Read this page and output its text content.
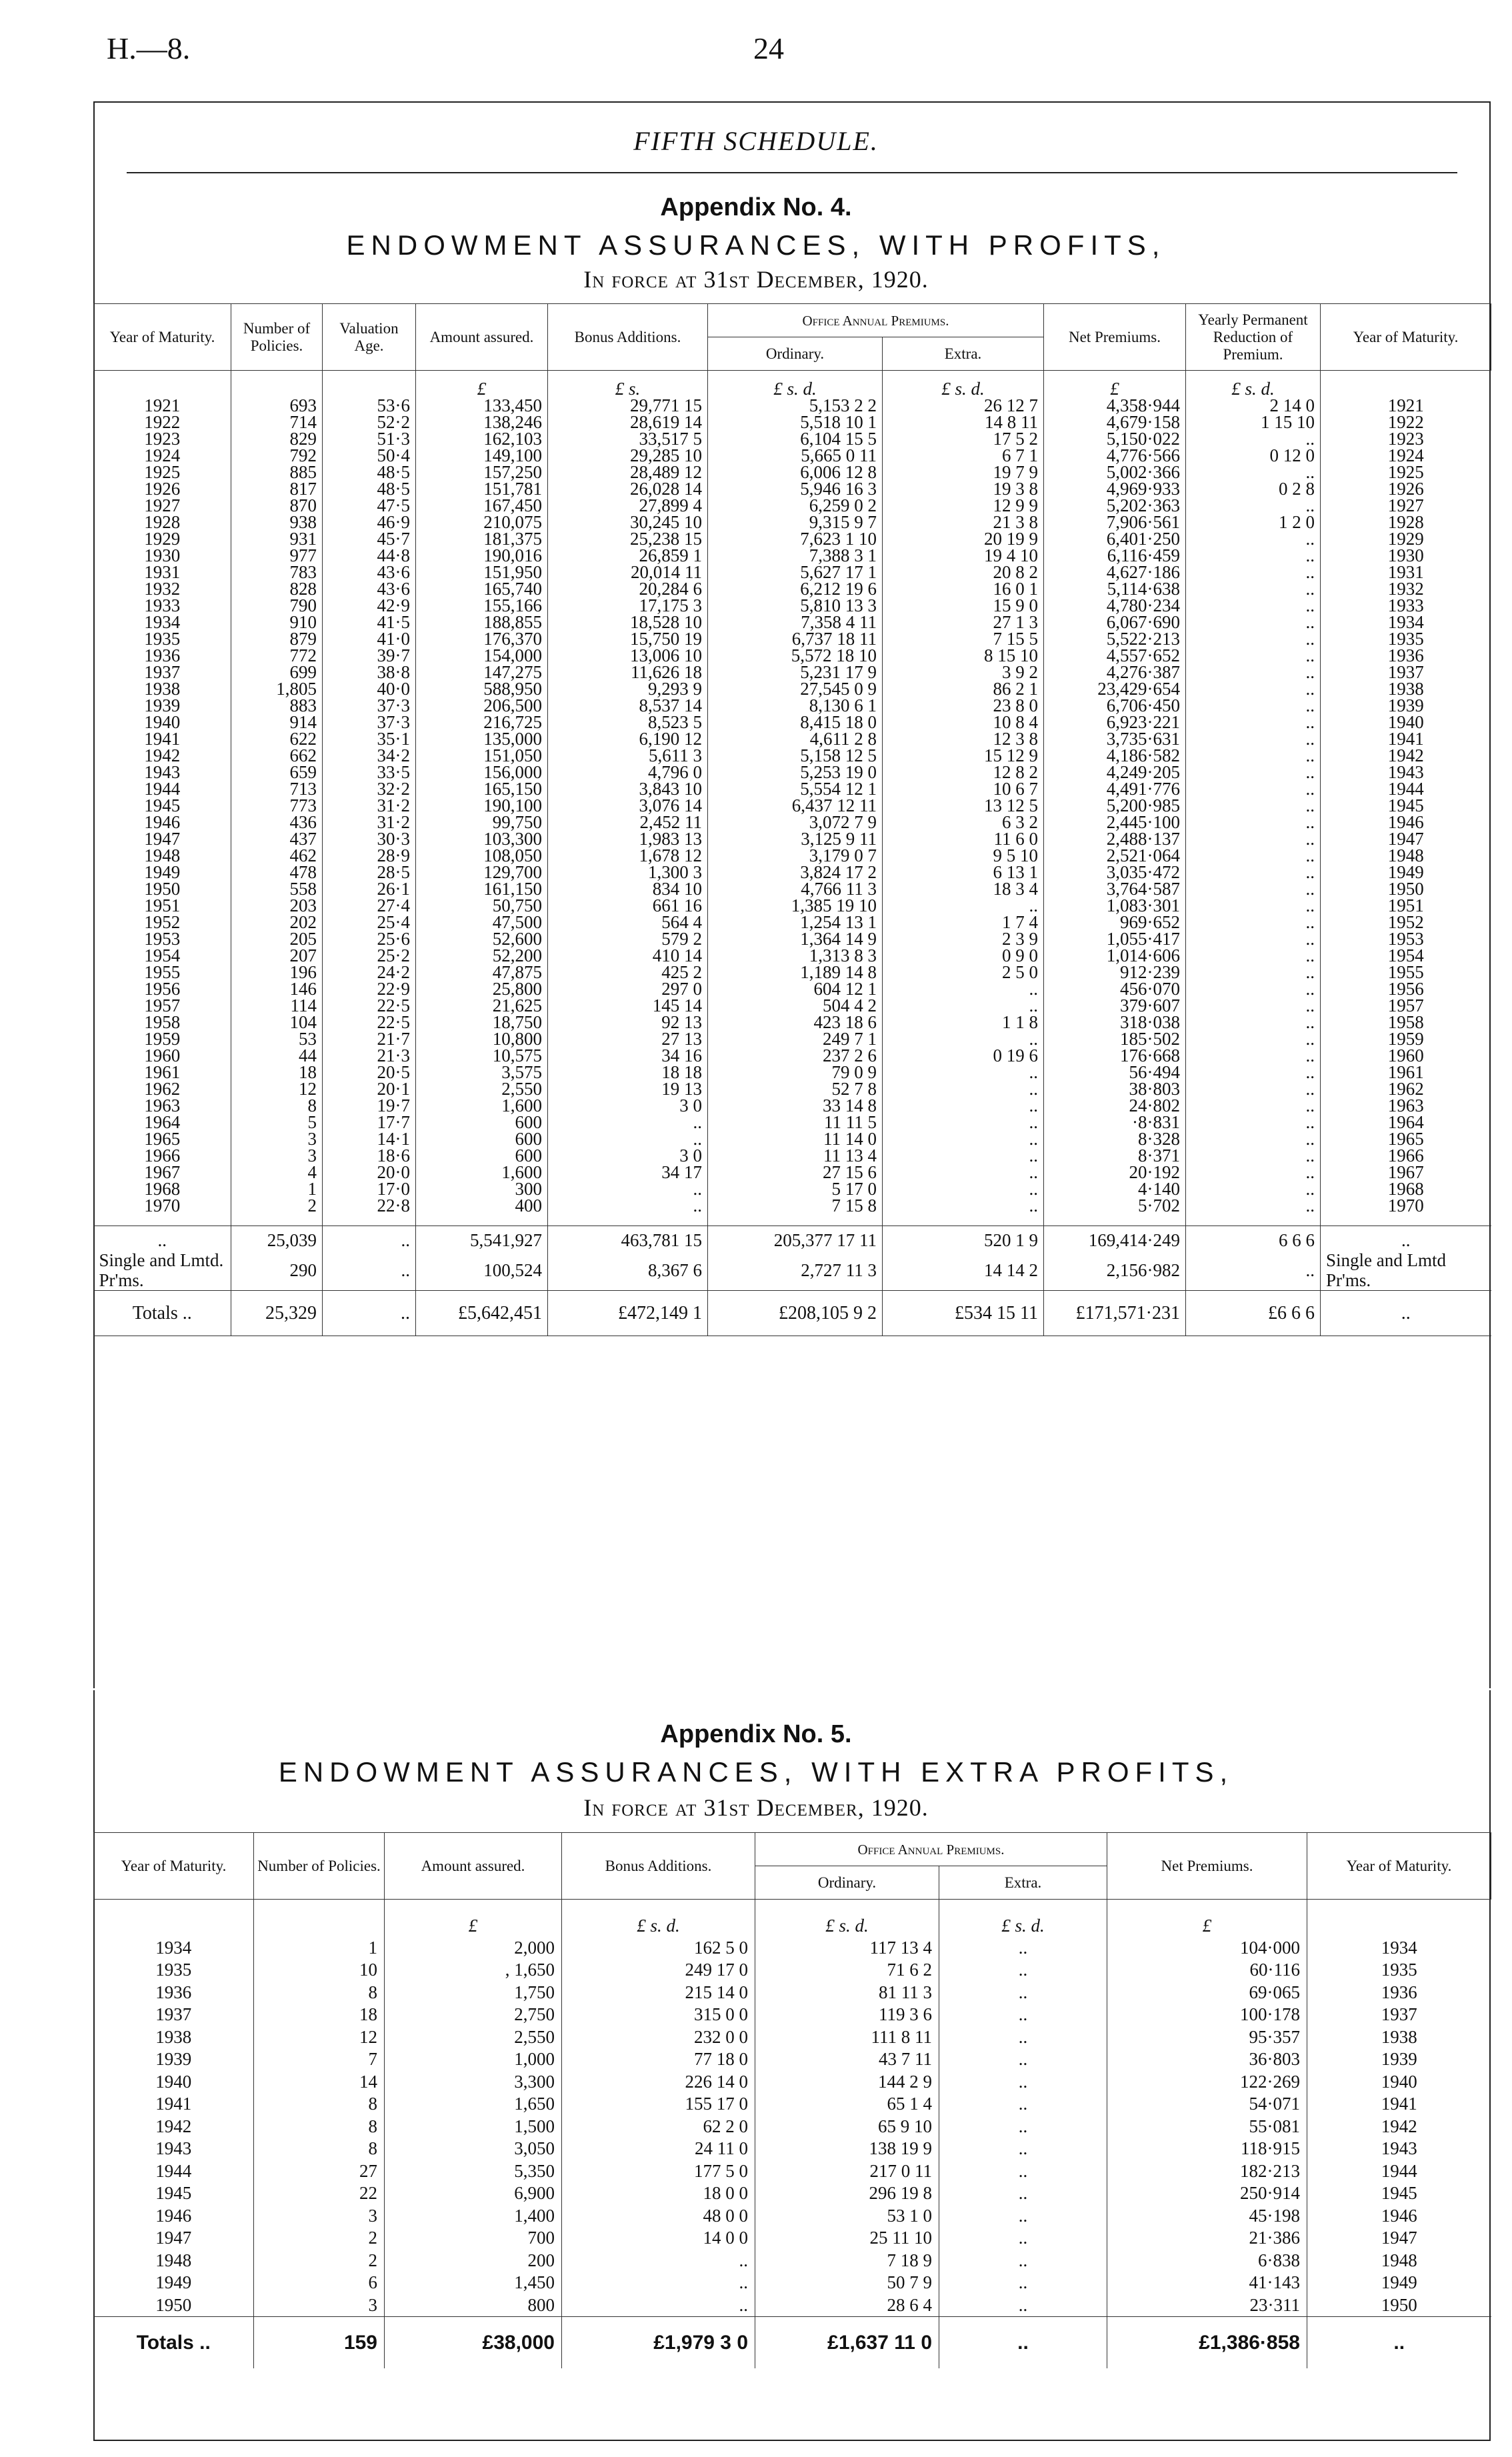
H.—8.	24
FIFTH SCHEDULE.
Appendix No. 4.
ENDOWMENT ASSURANCES, WITH PROFITS,
In force at 31st December, 1920.
Year of Maturity.	Number of Policies.	Valuation Age.	Amount assured.	Bonus Additions.	Office Annual Premiums.		Net Premiums.	Yearly Permanent Reduction of Premium.	Year of Maturity.
					Ordinary.	Extra.			
			£	£ s.	£ s. d.	£ s. d.	£	£ s. d.	
1921	693	53·6	133,450	29,771 15	5,153 2 2	26 12 7	4,358·944	2 14 0	1921
1922	714	52·2	138,246	28,619 14	5,518 10 1	14 8 11	4,679·158	1 15 10	1922
1923	829	51·3	162,103	33,517 5	6,104 15 5	17 5 2	5,150·022	..	1923
1924	792	50·4	149,100	29,285 10	5,665 0 11	6 7 1	4,776·566	0 12 0	1924
1925	885	48·5	157,250	28,489 12	6,006 12 8	19 7 9	5,002·366	..	1925
1926	817	48·5	151,781	26,028 14	5,946 16 3	19 3 8	4,969·933	0 2 8	1926
1927	870	47·5	167,450	27,899 4	6,259 0 2	12 9 9	5,202·363	..	1927
1928	938	46·9	210,075	30,245 10	9,315 9 7	21 3 8	7,906·561	1 2 0	1928
1929	931	45·7	181,375	25,238 15	7,623 1 10	20 19 9	6,401·250	..	1929
1930	977	44·8	190,016	26,859 1	7,388 3 1	19 4 10	6,116·459	..	1930
1931	783	43·6	151,950	20,014 11	5,627 17 1	20 8 2	4,627·186	..	1931
1932	828	43·6	165,740	20,284 6	6,212 19 6	16 0 1	5,114·638	..	1932
1933	790	42·9	155,166	17,175 3	5,810 13 3	15 9 0	4,780·234	..	1933
1934	910	41·5	188,855	18,528 10	7,358 4 11	27 1 3	6,067·690	..	1934
1935	879	41·0	176,370	15,750 19	6,737 18 11	7 15 5	5,522·213	..	1935
1936	772	39·7	154,000	13,006 10	5,572 18 10	8 15 10	4,557·652	..	1936
1937	699	38·8	147,275	11,626 18	5,231 17 9	3 9 2	4,276·387	..	1937
1938	1,805	40·0	588,950	9,293 9	27,545 0 9	86 2 1	23,429·654	..	1938
1939	883	37·3	206,500	8,537 14	8,130 6 1	23 8 0	6,706·450	..	1939
1940	914	37·3	216,725	8,523 5	8,415 18 0	10 8 4	6,923·221	..	1940
1941	622	35·1	135,000	6,190 12	4,611 2 8	12 3 8	3,735·631	..	1941
1942	662	34·2	151,050	5,611 3	5,158 12 5	15 12 9	4,186·582	..	1942
1943	659	33·5	156,000	4,796 0	5,253 19 0	12 8 2	4,249·205	..	1943
1944	713	32·2	165,150	3,843 10	5,554 12 1	10 6 7	4,491·776	..	1944
1945	773	31·2	190,100	3,076 14	6,437 12 11	13 12 5	5,200·985	..	1945
1946	436	31·2	99,750	2,452 11	3,072 7 9	6 3 2	2,445·100	..	1946
1947	437	30·3	103,300	1,983 13	3,125 9 11	11 6 0	2,488·137	..	1947
1948	462	28·9	108,050	1,678 12	3,179 0 7	9 5 10	2,521·064	..	1948
1949	478	28·5	129,700	1,300 3	3,824 17 2	6 13 1	3,035·472	..	1949
1950	558	26·1	161,150	834 10	4,766 11 3	18 3 4	3,764·587	..	1950
1951	203	27·4	50,750	661 16	1,385 19 10	..	1,083·301	..	1951
1952	202	25·4	47,500	564 4	1,254 13 1	1 7 4	969·652	..	1952
1953	205	25·6	52,600	579 2	1,364 14 9	2 3 9	1,055·417	..	1953
1954	207	25·2	52,200	410 14	1,313 8 3	0 9 0	1,014·606	..	1954
1955	196	24·2	47,875	425 2	1,189 14 8	2 5 0	912·239	..	1955
1956	146	22·9	25,800	297 0	604 12 1	..	456·070	..	1956
1957	114	22·5	21,625	145 14	504 4 2	..	379·607	..	1957
1958	104	22·5	18,750	92 13	423 18 6	1 1 8	318·038	..	1958
1959	53	21·7	10,800	27 13	249 7 1	..	185·502	..	1959
1960	44	21·3	10,575	34 16	237 2 6	0 19 6	176·668	..	1960
1961	18	20·5	3,575	18 18	79 0 9	..	56·494	..	1961
1962	12	20·1	2,550	19 13	52 7 8	..	38·803	..	1962
1963	8	19·7	1,600	3 0	33 14 8	..	24·802	..	1963
1964	5	17·7	600	..	11 11 5	..	·8·831	..	1964
1965	3	14·1	600	..	11 14 0	..	8·328	..	1965
1966	3	18·6	600	3 0	11 13 4	..	8·371	..	1966
1967	4	20·0	1,600	34 17	27 15 6	..	20·192	..	1967
1968	1	17·0	300	..	5 17 0	..	4·140	..	1968
1970	2	22·8	400	..	7 15 8	..	5·702	..	1970

..	25,039	..	5,541,927	463,781 15	205,377 17 11	520 1 9	169,414·249	6 6 6	..
Single and Lmtd. Pr'ms.	290	..	100,524	8,367 6	2,727 11 3	14 14 2	2,156·982	..	Single and Lmtd Pr'ms.
Totals ..	25,329	..	£5,642,451	£472,149 1	£208,105 9 2	£534 15 11	£171,571·231	£6 6 6	..
Appendix No. 5.
ENDOWMENT ASSURANCES, WITH EXTRA PROFITS,
In force at 31st December, 1920.
Year of Maturity.	Number of Policies.	Amount assured.	Bonus Additions.	Office Annual Premiums.		Net Premiums.	Year of Maturity.
				Ordinary.	Extra.		
		£	£ s. d.	£ s. d.	£ s. d.	£	
1934	1	2,000	162 5 0	117 13 4	..	104·000	1934
1935	10	, 1,650	249 17 0	71 6 2	..	60·116	1935
1936	8	1,750	215 14 0	81 11 3	..	69·065	1936
1937	18	2,750	315 0 0	119 3 6	..	100·178	1937
1938	12	2,550	232 0 0	111 8 11	..	95·357	1938
1939	7	1,000	77 18 0	43 7 11	..	36·803	1939
1940	14	3,300	226 14 0	144 2 9	..	122·269	1940
1941	8	1,650	155 17 0	65 1 4	..	54·071	1941
1942	8	1,500	62 2 0	65 9 10	..	55·081	1942
1943	8	3,050	24 11 0	138 19 9	..	118·915	1943
1944	27	5,350	177 5 0	217 0 11	..	182·213	1944
1945	22	6,900	18 0 0	296 19 8	..	250·914	1945
1946	3	1,400	48 0 0	53 1 0	..	45·198	1946
1947	2	700	14 0 0	25 11 10	..	21·386	1947
1948	2	200	..	7 18 9	..	6·838	1948
1949	6	1,450	..	50 7 9	..	41·143	1949
1950	3	800	..	28 6 4	..	23·311	1950
Totals ..	159	£38,000	£1,979 3 0	£1,637 11 0	..	£1,386·858	..
